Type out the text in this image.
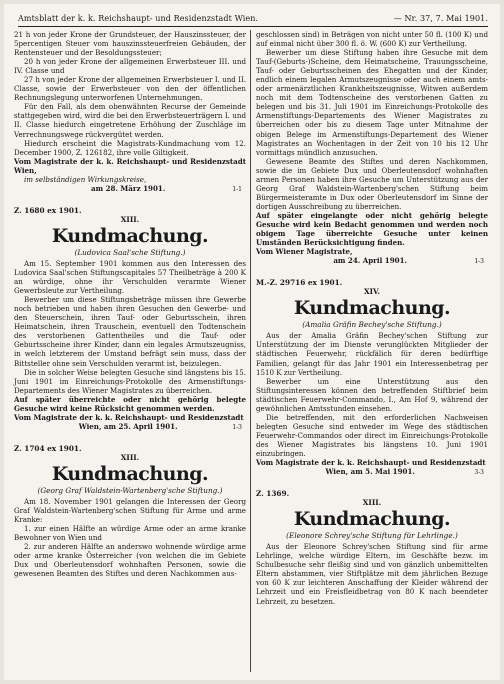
Amtsblatt der k. k. Reichshaupt- und Residenzstadt Wien.	— Nr. 37, 7. Mai 1901.

21 h von jeder Krone der Grundsteuer, der Hauszinssteuer, der 5percentigen Steuer vom hauszinssteuerfreien Gebäuden, der Rentensteuer und der Besoldungssteuer;

20 h von jeder Krone der allgemeinen Erwerbsteuer III. und IV. Classe und

27 h von jeder Krone der allgemeinen Erwerbsteuer I. und II. Classe, sowie der Erwerbsteuer von den der öffentlichen Rechnungslegung unterworfenen Unternehmungen.

Für den Fall, als dem obenwähnten Recurse der Gemeinde stattgegeben wird, wird die bei den Erwerbsteuerträgern I. und II. Classe hiedurch eingetretene Erhöhung der Zuschläge im Verrechnungswege rückvergütet werden.

Hiedurch erscheint die Magistrats-Kundmachung vom 12. December 1900, Z. 126182, ihre volle Giltigkeit.

Vom Magistrate der k. k. Reichshaupt- und Residenzstadt Wien,

im selbständigen Wirkungskreise,

am 28. März 1901.	1-1
Z. 1680 ex 1901.
XIII.
Kundmachung.
(Ludovica Saal'sche Stiftung.)

Am 15. September 1901 kommen aus den Interessen des Ludovica Saal'schen Stiftungscapitales 57 Theilbeträge à 200 K an würdige, ohne ihr Verschulden verarmte Wiener Gewerbsleute zur Vertheilung.

Bewerber um diese Stiftungsbeträge müssen ihre Gewerbe noch betrieben und haben ihren Gesuchen den Gewerbe- und den Steuerschein, ihren Tauf- oder Geburtsschein, ihren Heimatschein, ihren Trauschein, eventuell den Todtenschein des verstorbenen Gattentheiles und die Tauf- oder Geburtsscheine ihrer Kinder, dann ein legales Armutszeugniss, in welch letzterem der Umstand befrägt sein muss, dass der Bittsteller ohne sein Verschulden verarmt ist, beizulegen.

Die in solcher Weise belegten Gesuche sind längstens bis 15. Juni 1901 im Einreichungs-Protokolle des Armenstiftungs-Departements des Wiener Magistrates zu überreichen.

Auf später überreichte oder nicht gehörig belegte Gesuche wird keine Rücksicht genommen werden.

Vom Magistrate der k. k. Reichshaupt- und Residenzstadt

Wien, am 25. April 1901.	1-3
Z. 1704 ex 1901.
XIII.
Kundmachung.
(Georg Graf Waldstein-Wartenberg'sche Stiftung.)

Am 18. November 1901 gelangen die Interessen der Georg Graf Waldstein-Wartenberg'schen Stiftung für Arme und arme Kranke:

1. zur einen Hälfte an würdige Arme oder an arme kranke Bewohner von Wien und

2. zur anderen Hälfte an anderswo wohnende würdige arme oder arme kranke Österreicher (von welchen die im Gebiete Dux und Oberleutensdorf wohnhaften Personen, sowie die gewesenen Beamten des Stiftes und deren Nachkommen aus-

geschlossen sind) in Beträgen von nicht unter 50 fl. (100 K) und auf einmal nicht über 300 fl. ö. W. (600 K) zur Vertheilung.

Bewerber um diese Stiftung haben ihre Gesuche mit dem Tauf-(Geburts-)Scheine, dem Heimatscheine, Trauungsscheine, Tauf- oder Geburtsscheinen des Ehegatten und der Kinder, endlich einem legalen Armutszeugnisse oder auch einem amts- oder armenärztlichen Krankheitszeugnisse, Witwen außerdem noch mit dem Todtenscheine des verstorbenen Gatten zu belegen und bis 31. Juli 1901 im Einreichungs-Protokolle des Armenstiftungs-Departements des Wiener Magistrates zu überreichen oder bis zu diesem Tage unter Mitnahme der obigen Belege im Armenstiftungs-Departement des Wiener Magistrates an Wochentagen in der Zeit von 10 bis 12 Uhr vormittags mündlich anzusuchen.

Gewesene Beamte des Stiftes und deren Nachkommen, sowie die im Gebiete Dux und Oberleutensdorf wohnhaften armen Personen haben ihre Gesuche um Unterstützung aus der Georg Graf Waldstein-Wartenberg'schen Stiftung beim Bürgermeisteramte in Dux oder Oberleutensdorf im Sinne der dortigen Ausschreibung zu überreichen.

Auf später eingelangte oder nicht gehörig belegte Gesuche wird kein Bedacht genommen und werden noch obigem Tage überreichte Gesuche unter keinen Umständen Berücksichtigung finden.

Vom Wiener Magistrate,

am 24. April 1901.	1-3
M.-Z. 29716 ex 1901.
XIV.
Kundmachung.
(Amalia Gräfin Bechey'sche Stiftung.)

Aus der Amalia Gräfin Bechey'schen Stiftung zur Unterstützung der im Dienste verunglückten Mitglieder der städtischen Feuerwehr, rückfälich für deren bedürftige Familien, gelangt für das Jahr 1901 ein Interessenbetrag per 1510 K zur Vertheilung.

Bewerber um eine Unterstützung aus den Stiftungsinteressen können den betreffenden Stiftbrief beim städtischen Feuerwehr-Commando, I., Am Hof 9, während der gewöhnlichen Amtsstunden einsehen.

Die betreffenden, mit den erforderlichen Nachweisen belegten Gesuche sind entweder im Wege des städtischen Feuerwehr-Commandos oder direct im Einreichungs-Protokolle des Wiener Magistrates bis längstens 10. Juni 1901 einzubringen.

Vom Magistrate der k. k. Reichshaupt- und Residenzstadt

Wien, am 5. Mai 1901.	3-3
Z. 1369.
XIII.
Kundmachung.
(Eleonore Schrey'sche Stiftung für Lehrlinge.)

Aus der Eleonore Schrey'schen Stiftung sind für arme Lehrlinge, welche würdige Eltern, im Geschäfte bezw. im Schulbesuche sehr fleißig sind und von gänzlich unbemittelten Eltern abstammen, vier Stiftplätze mit dem jährlichen Bezuge von 60 K zur leichteren Anschaffung der Kleider während der Lehrzeit und ein Freisfleidbetrag von 80 K nach beendeter Lehrzeit, zu besetzen.
